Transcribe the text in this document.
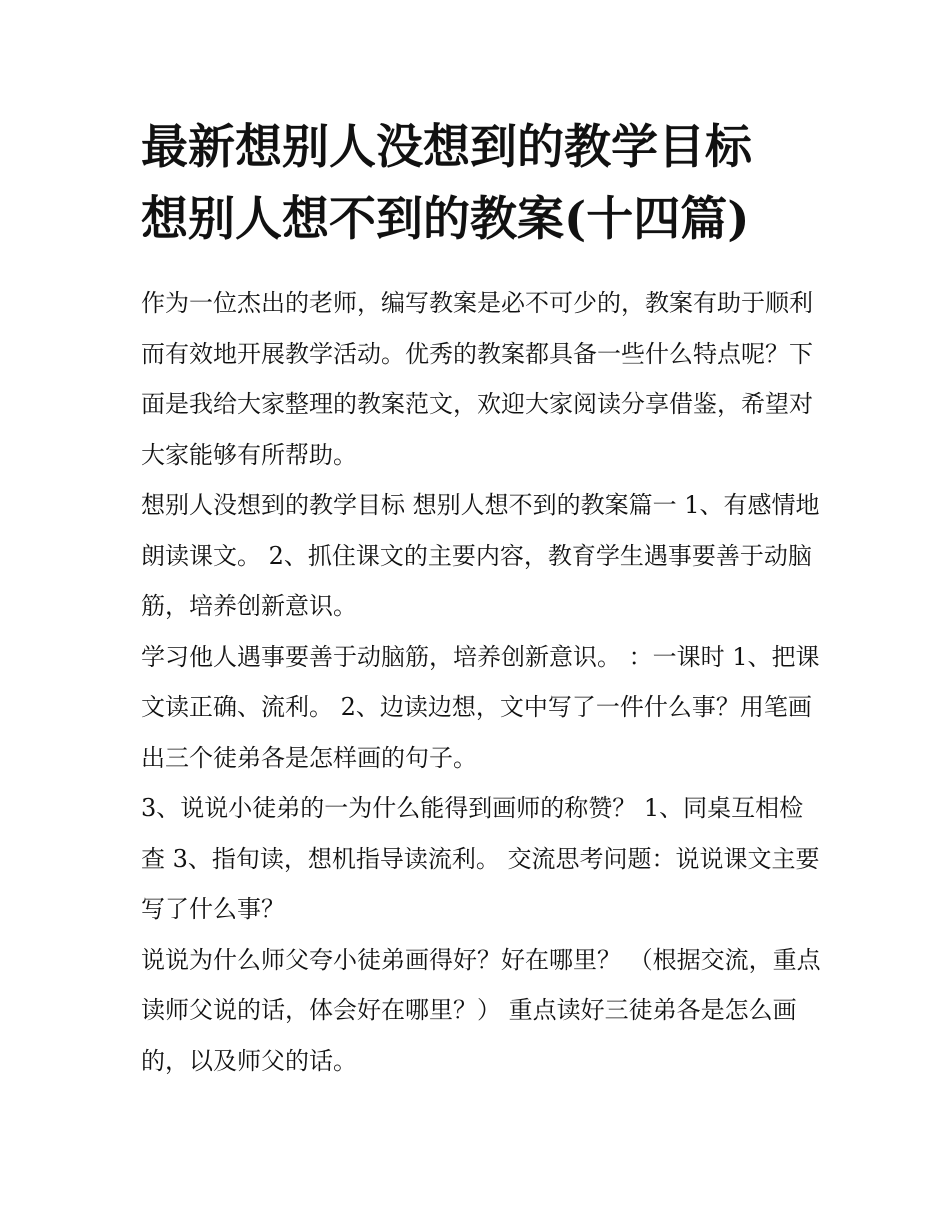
最新想别人没想到的教学目标
想别人想不到的教案(十四篇)

作为一位杰出的老师，编写教案是必不可少的，教案有助于顺利而有效地开展教学活动。优秀的教案都具备一些什么特点呢？下面是我给大家整理的教案范文，欢迎大家阅读分享借鉴，希望对大家能够有所帮助。

想别人没想到的教学目标 想别人想不到的教案篇一 1、有感情地朗读课文。 2、抓住课文的主要内容，教育学生遇事要善于动脑筋，培养创新意识。

学习他人遇事要善于动脑筋，培养创新意识。 ：一课时 1、把课文读正确、流利。 2、边读边想，文中写了一件什么事？用笔画出三个徒弟各是怎样画的句子。

3、说说小徒弟的一为什么能得到画师的称赞？ 1、同桌互相检查 3、指旬读，想机指导读流利。 交流思考问题：说说课文主要写了什么事？

说说为什么师父夸小徒弟画得好？好在哪里？ （根据交流，重点读师父说的话，体会好在哪里？） 重点读好三徒弟各是怎么画的，以及师父的话。
